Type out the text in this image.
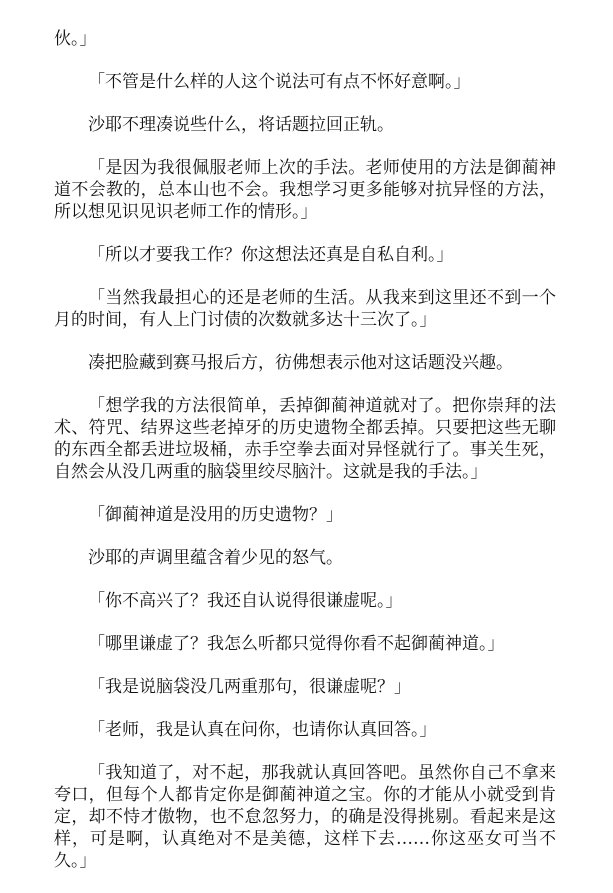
伙。」

「不管是什么样的人这个说法可有点不怀好意啊。」

沙耶不理凑说些什么，将话题拉回正轨。

「是因为我很佩服老师上次的手法。老师使用的方法是御蔺神道不会教的，总本山也不会。我想学习更多能够对抗异怪的方法，所以想见识见识老师工作的情形。」

「所以才要我工作？你这想法还真是自私自利。」

「当然我最担心的还是老师的生活。从我来到这里还不到一个月的时间，有人上门讨债的次数就多达十三次了。」

凑把脸藏到赛马报后方，彷佛想表示他对这话题没兴趣。

「想学我的方法很简单，丢掉御蔺神道就对了。把你崇拜的法术、符咒、结界这些老掉牙的历史遗物全都丢掉。只要把这些无聊的东西全都丢进垃圾桶，赤手空拳去面对异怪就行了。事关生死，自然会从没几两重的脑袋里绞尽脑汁。这就是我的手法。」

「御蔺神道是没用的历史遗物？」

沙耶的声调里蕴含着少见的怒气。

「你不高兴了？我还自认说得很谦虚呢。」

「哪里谦虚了？我怎么听都只觉得你看不起御蔺神道。」

「我是说脑袋没几两重那句，很谦虚呢？」

「老师，我是认真在问你，也请你认真回答。」

「我知道了，对不起，那我就认真回答吧。虽然你自己不拿来夸口，但每个人都肯定你是御蔺神道之宝。你的才能从小就受到肯定，却不恃才傲物，也不怠忽努力，的确是没得挑剔。看起来是这样，可是啊，认真绝对不是美德，这样下去……你这巫女可当不久。」
